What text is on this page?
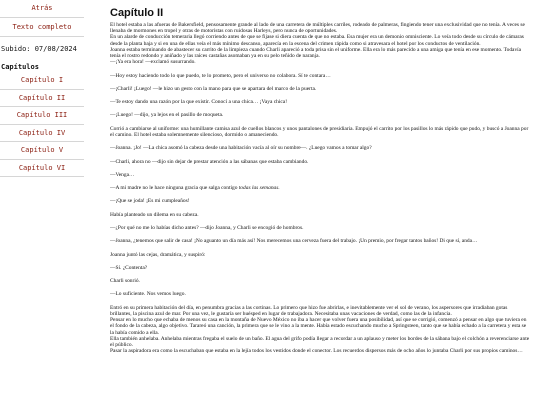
Atrás
Texto completo
Subido: 07/08/2024
Capítulos
Capítulo I
Capítulo II
Capítulo III
Capítulo IV
Capítulo V
Capítulo VI
Capítulo II

El hotel estaba a las afueras de Bakersfield, pensosamente grande al lado de una carretera de múltiples carriles, rodeado de palmeras, fingiendo tener una exclusividad que no tenía. A veces se llenaba de mormones en tropel y otras de motoristas con ruidosas Harleys, pero nunca de oportunidades.

En un alarde de conducción temeraria llegó corriendo antes de que se fijase si diera cuenta de que no estaba. Esa mujer era un demonio omnisciente. Lo veía todo desde su círculo de cámaras desde la planta baja y si en una de ellas veía el más mínimo descanso, aparecía en la escena del crimen rápida como si atravesara el hotel por los conductos de ventilación.

Joanna estaba terminando de abastecer su carrito de la limpieza cuando Charli apareció a toda prisa sin el uniforme. Ella era lo más parecido a una amiga que tenía en ese momento. Todavía tenía el rostro redondo y aniñado y las raíces castañas asomaban ya en su pelo teñido de naranja.

—¡Ya era hora! —exclamó susurrando.

—Hoy estoy haciendo todo lo que puedo, te lo prometo, pero el universo no colabora. Sí te contara…

—¡Charli! ¡Luego! —le hizo un gesto con la mano para que se apartara del marco de la puerta.

—Te estoy dando una razón por la que existir. Conocí a una chica… ¡Vaya chica!

—¡Luego! —dijo, ya lejos en el pasillo de moqueta.

Corrió a cambiarse al uniforme: una humillante camisa azul de cuellos blancos y unos pantalones de presidiaria. Empujó el carrito por los pasillos lo más rápido que pudo, y buscó a Joanna por el camino. El hotel estaba solemnemente silencioso, dormido o amaneciendo.

—Joanna. ¡Jo! —La chica asomó la cabeza desde una habitación vacía al oír su nombre—. ¿Luego vamos a tomar algo?

—Charli, ahora no —dijo sin dejar de prestar atención a las sábanas que estaba cambiando.

—Venga…

—A mi madre no le hace ninguna gracia que salga contigo todas las semanas.

—¡Que se joda! ¡Es mi cumpleaños!

Había planteado un dilema en su cabeza.

—¿Por qué no me lo habías dicho antes? —dijo Joanna, y Charli se encogió de hombros.

—Joanna, ¿tenemos que salir de casa! ¡No aguanto un día más así! Nos merecemos una cerveza fuera del trabajo. ¡Un premio, por fregar tantos baños! Di que sí, anda…

Joanna juntó las cejas, dramática, y suspiró:

—Sí. ¿Contenta?

Charli sonrió.

—Lo suficiente. Nos vemos luego.

Entró en su primera habitación del día, en penumbra gracias a las cortinas. Lo primero que hizo fue abrirlas, e inevitablemente ver el sol de verano, los aspersores que irradiaban gotas brillantes, la piscina azul de mar. Por una vez, le gustaría ser huésped en lugar de trabajadora. Necesitaba unas vacaciones de verdad, como las de la infancia.

Pensar en lo mucho que echaba de menos su casa en la montaña de Nuevo México no iba a hacer que volver fuera una posibilidad, así que se corrigió, comenzó a pensar en algo que tuviera en el fondo de la cabeza, algo objetivo. Tarareó una canción, la primera que se le vino a la mente. Había estado escuchando mucho a Springsteen, tanto que se había echado a la carretera y esta se la había comido a ella.

Ella también anhelaba. Anhelaba mientras fregaba el suelo de un baño. El agua del grifo podía llegar a recordar a un aplauso y meter los bordes de la sábana bajo el colchón a reverenciarse ante el público.

Pasar la aspiradora era como la escuchaban que estaba en la lejía todos los vestidos donde el conector. Los recuerdos dispersos más de ocho años lo juntaba Charli por sus propios caminos…
